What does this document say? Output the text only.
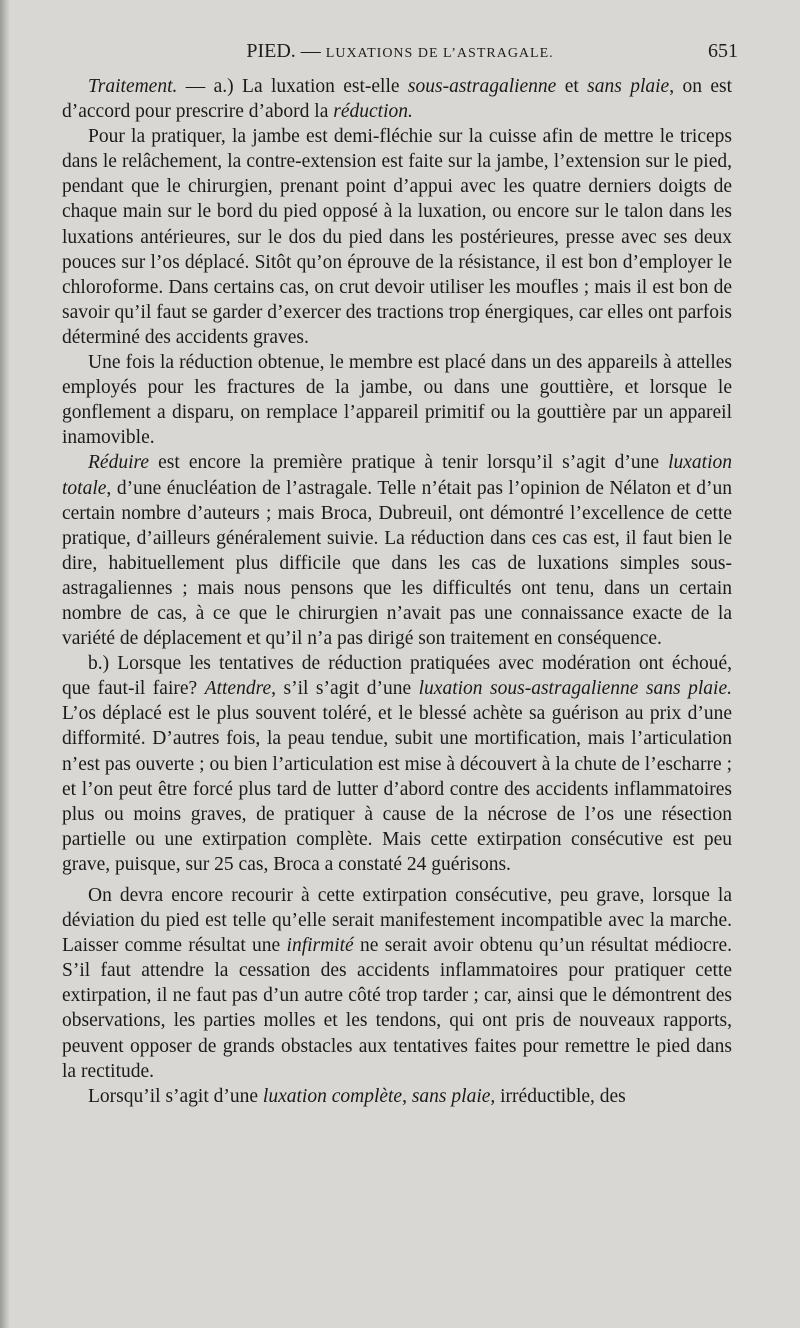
PIED. — LUXATIONS DE L’ASTRAGALE.	651

Traitement. — a.) La luxation est-elle sous-astragalienne et sans plaie, on est d’accord pour prescrire d’abord la réduction.

Pour la pratiquer, la jambe est demi-fléchie sur la cuisse afin de mettre le triceps dans le relâchement, la contre-extension est faite sur la jambe, l’extension sur le pied, pendant que le chirurgien, prenant point d’appui avec les quatre derniers doigts de chaque main sur le bord du pied opposé à la luxation, ou encore sur le talon dans les luxations antérieures, sur le dos du pied dans les postérieures, presse avec ses deux pouces sur l’os déplacé. Sitôt qu’on éprouve de la résistance, il est bon d’employer le chloroforme. Dans certains cas, on crut devoir utiliser les moufles ; mais il est bon de savoir qu’il faut se garder d’exercer des tractions trop énergiques, car elles ont parfois déterminé des accidents graves.

Une fois la réduction obtenue, le membre est placé dans un des appareils à attelles employés pour les fractures de la jambe, ou dans une gouttière, et lorsque le gonflement a disparu, on remplace l’appareil primitif ou la gouttière par un appareil inamovible.

Réduire est encore la première pratique à tenir lorsqu’il s’agit d’une luxation totale, d’une énucléation de l’astragale. Telle n’était pas l’opinion de Nélaton et d’un certain nombre d’auteurs ; mais Broca, Dubreuil, ont démontré l’excellence de cette pratique, d’ailleurs généralement suivie. La réduction dans ces cas est, il faut bien le dire, habituellement plus difficile que dans les cas de luxations simples sous-astragaliennes ; mais nous pensons que les difficultés ont tenu, dans un certain nombre de cas, à ce que le chirurgien n’avait pas une connaissance exacte de la variété de déplacement et qu’il n’a pas dirigé son traitement en conséquence.

b.) Lorsque les tentatives de réduction pratiquées avec modération ont échoué, que faut-il faire? Attendre, s’il s’agit d’une luxation sous-astragalienne sans plaie. L’os déplacé est le plus souvent toléré, et le blessé achète sa guérison au prix d’une difformité. D’autres fois, la peau tendue, subit une mortification, mais l’articulation n’est pas ouverte ; ou bien l’articulation est mise à découvert à la chute de l’escharre ; et l’on peut être forcé plus tard de lutter d’abord contre des accidents inflammatoires plus ou moins graves, de pratiquer à cause de la nécrose de l’os une résection partielle ou une extirpation complète. Mais cette extirpation consécutive est peu grave, puisque, sur 25 cas, Broca a constaté 24 guérisons.

On devra encore recourir à cette extirpation consécutive, peu grave, lorsque la déviation du pied est telle qu’elle serait manifestement incompatible avec la marche. Laisser comme résultat une infirmité ne serait avoir obtenu qu’un résultat médiocre. S’il faut attendre la cessation des accidents inflammatoires pour pratiquer cette extirpation, il ne faut pas d’un autre côté trop tarder ; car, ainsi que le démontrent des observations, les parties molles et les tendons, qui ont pris de nouveaux rapports, peuvent opposer de grands obstacles aux tentatives faites pour remettre le pied dans la rectitude.

Lorsqu’il s’agit d’une luxation complète, sans plaie, irréductible, des
